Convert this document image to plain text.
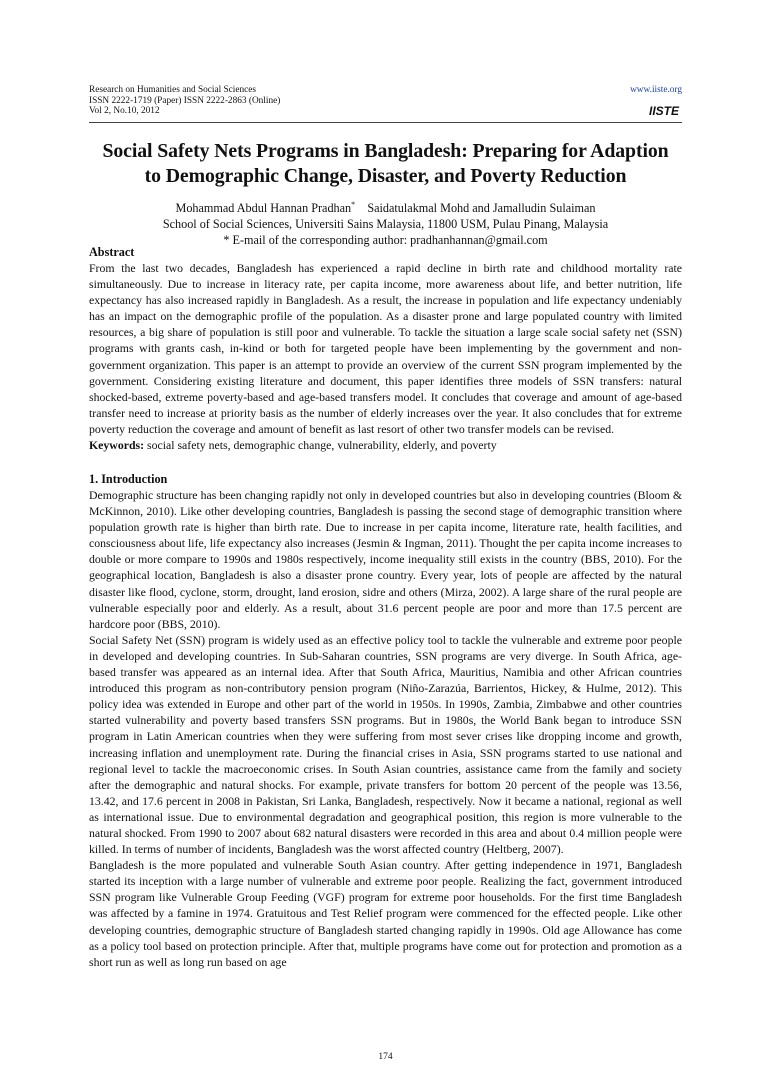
Research on Humanities and Social Sciences
ISSN 2222-1719 (Paper) ISSN 2222-2863 (Online)
Vol 2, No.10, 2012
www.iiste.org
IISTE
Social Safety Nets Programs in Bangladesh: Preparing for Adaption
to Demographic Change, Disaster, and Poverty Reduction
Mohammad Abdul Hannan Pradhan* Saidatulakmal Mohd and Jamalludin Sulaiman
School of Social Sciences, Universiti Sains Malaysia, 11800 USM, Pulau Pinang, Malaysia
* E-mail of the corresponding author: pradhanhannan@gmail.com
Abstract

From the last two decades, Bangladesh has experienced a rapid decline in birth rate and childhood mortality rate simultaneously. Due to increase in literacy rate, per capita income, more awareness about life, and better nutrition, life expectancy has also increased rapidly in Bangladesh. As a result, the increase in population and life expectancy undeniably has an impact on the demographic profile of the population. As a disaster prone and large populated country with limited resources, a big share of population is still poor and vulnerable. To tackle the situation a large scale social safety net (SSN) programs with grants cash, in-kind or both for targeted people have been implementing by the government and non-government organization. This paper is an attempt to provide an overview of the current SSN program implemented by the government. Considering existing literature and document, this paper identifies three models of SSN transfers: natural shocked-based, extreme poverty-based and age-based transfers model. It concludes that coverage and amount of age-based transfer need to increase at priority basis as the number of elderly increases over the year. It also concludes that for extreme poverty reduction the coverage and amount of benefit as last resort of other two transfer models can be revised.

Keywords: social safety nets, demographic change, vulnerability, elderly, and poverty

1. Introduction

Demographic structure has been changing rapidly not only in developed countries but also in developing countries (Bloom & McKinnon, 2010). Like other developing countries, Bangladesh is passing the second stage of demographic transition where population growth rate is higher than birth rate. Due to increase in per capita income, literature rate, health facilities, and consciousness about life, life expectancy also increases (Jesmin & Ingman, 2011). Thought the per capita income increases to double or more compare to 1990s and 1980s respectively, income inequality still exists in the country (BBS, 2010). For the geographical location, Bangladesh is also a disaster prone country. Every year, lots of people are affected by the natural disaster like flood, cyclone, storm, drought, land erosion, sidre and others (Mirza, 2002). A large share of the rural people are vulnerable especially poor and elderly. As a result, about 31.6 percent people are poor and more than 17.5 percent are hardcore poor (BBS, 2010).

Social Safety Net (SSN) program is widely used as an effective policy tool to tackle the vulnerable and extreme poor people in developed and developing countries. In Sub-Saharan countries, SSN programs are very diverge. In South Africa, age-based transfer was appeared as an internal idea. After that South Africa, Mauritius, Namibia and other African countries introduced this program as non-contributory pension program (Niño-Zarazúa, Barrientos, Hickey, & Hulme, 2012). This policy idea was extended in Europe and other part of the world in 1950s. In 1990s, Zambia, Zimbabwe and other countries started vulnerability and poverty based transfers SSN programs. But in 1980s, the World Bank began to introduce SSN program in Latin American countries when they were suffering from most sever crises like dropping income and growth, increasing inflation and unemployment rate. During the financial crises in Asia, SSN programs started to use national and regional level to tackle the macroeconomic crises. In South Asian countries, assistance came from the family and society after the demographic and natural shocks. For example, private transfers for bottom 20 percent of the people was 13.56, 13.42, and 17.6 percent in 2008 in Pakistan, Sri Lanka, Bangladesh, respectively. Now it became a national, regional as well as international issue. Due to environmental degradation and geographical position, this region is more vulnerable to the natural shocked. From 1990 to 2007 about 682 natural disasters were recorded in this area and about 0.4 million people were killed. In terms of number of incidents, Bangladesh was the worst affected country (Heltberg, 2007).

Bangladesh is the more populated and vulnerable South Asian country. After getting independence in 1971, Bangladesh started its inception with a large number of vulnerable and extreme poor people. Realizing the fact, government introduced SSN program like Vulnerable Group Feeding (VGF) program for extreme poor households. For the first time Bangladesh was affected by a famine in 1974. Gratuitous and Test Relief program were commenced for the effected people. Like other developing countries, demographic structure of Bangladesh started changing rapidly in 1990s. Old age Allowance has come as a policy tool based on protection principle. After that, multiple programs have come out for protection and promotion as a short run as well as long run based on age

174
